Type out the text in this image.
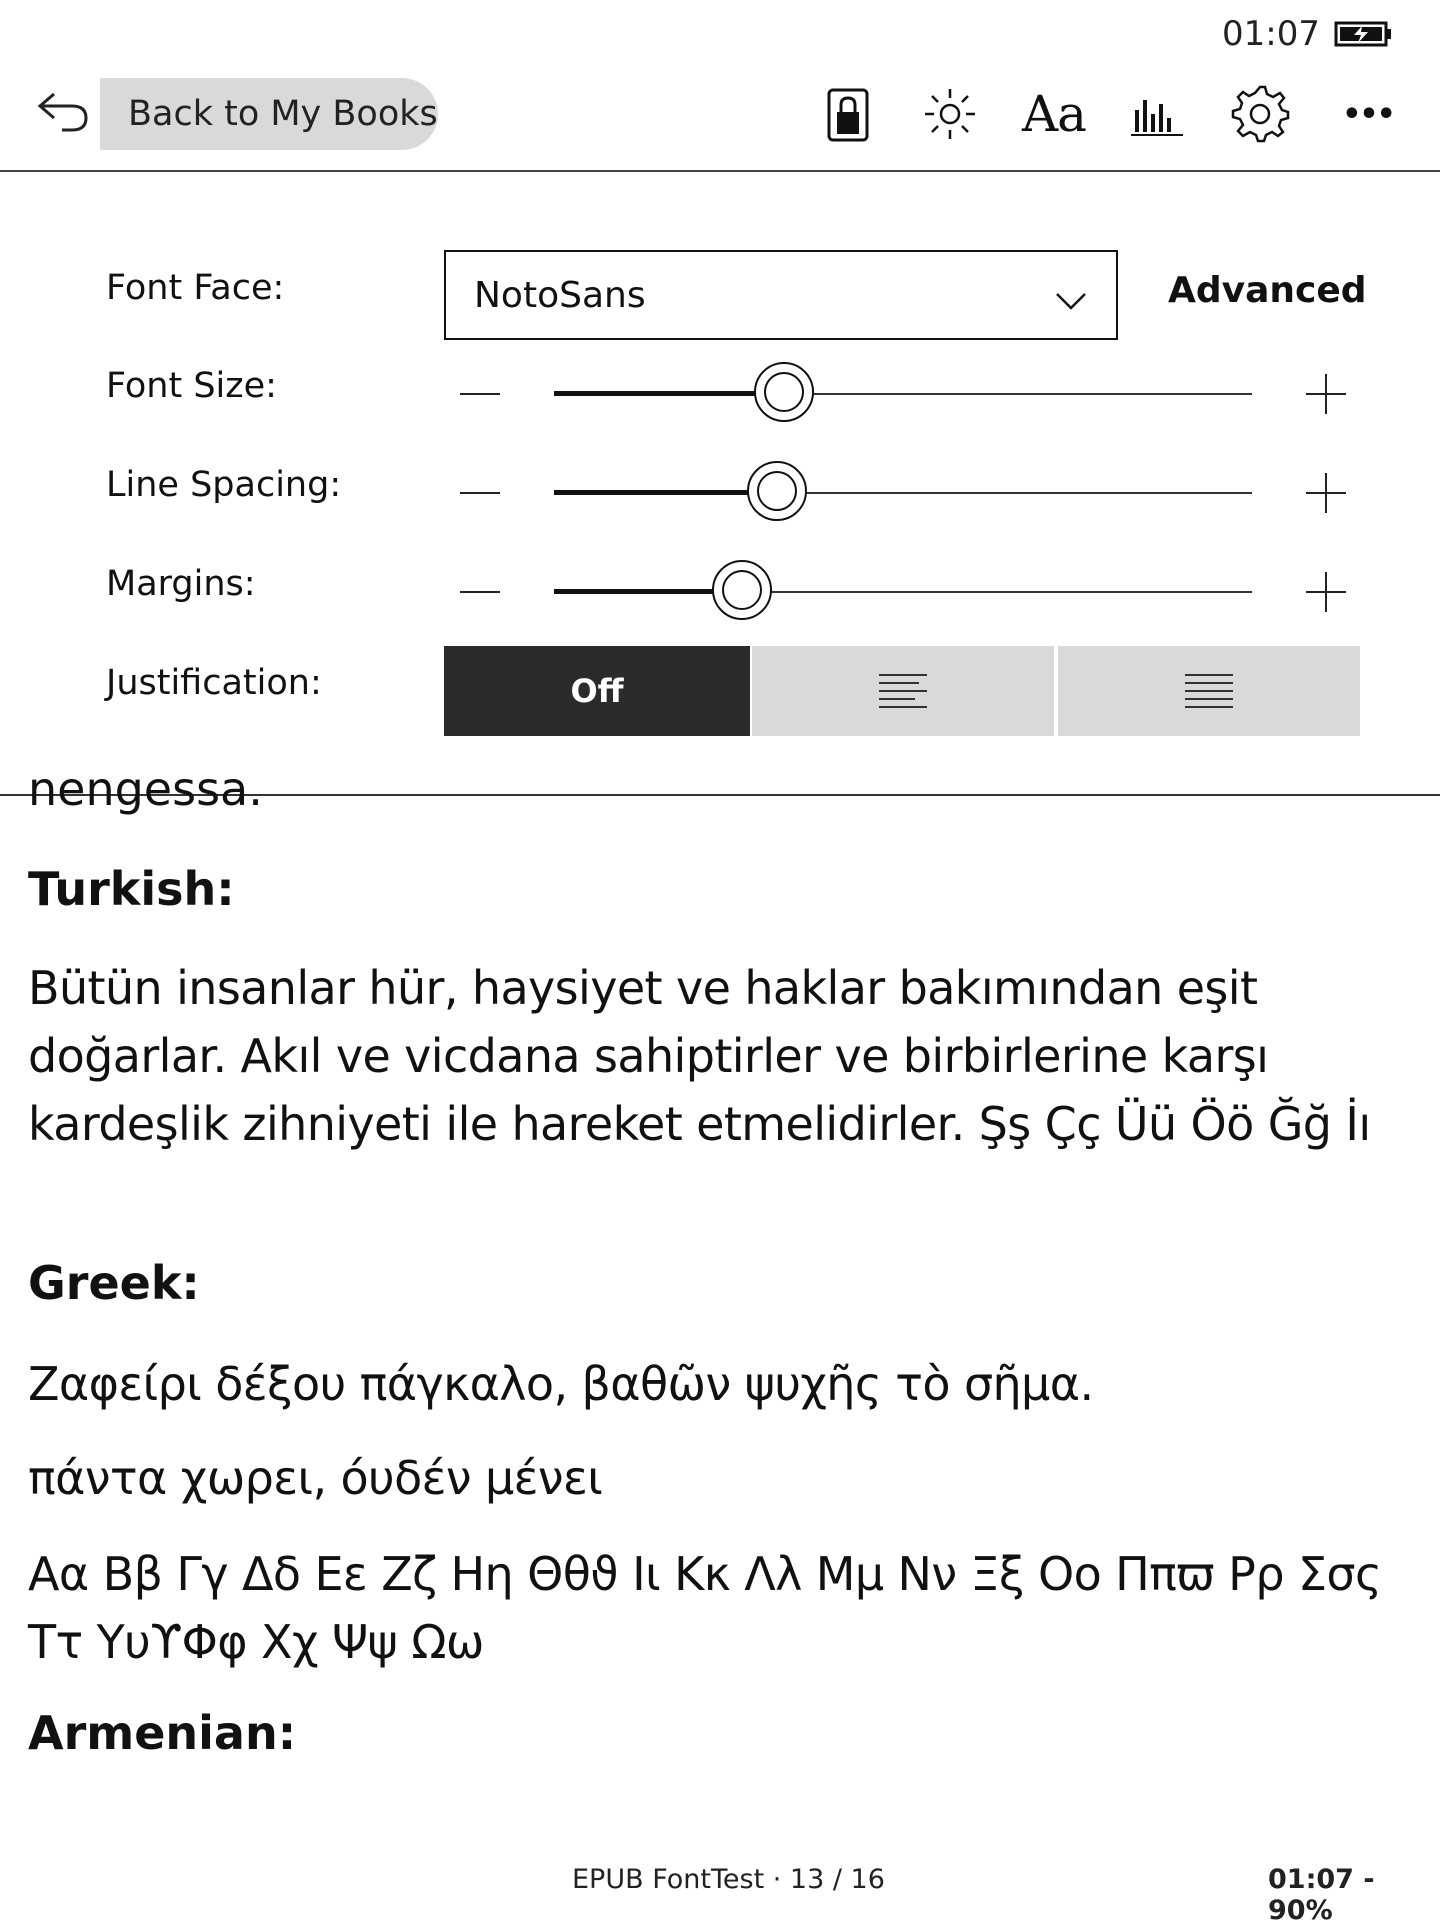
01:07
Back to My Books	Aa	•••
Font Face:	NotoSans	Advanced
Font Size:
Line Spacing:
Margins:
Justification:	Off
nengessa.
Turkish:
Bütün insanlar hür, haysiyet ve haklar bakımından eşit doğarlar. Akıl ve vicdana sahiptirler ve birbirlerine karşı kardeşlik zihniyeti ile hareket etmelidirler. Şş Çç Üü Öö Ğğ İı
Greek:
Ζαφείρι δέξου πάγκαλο, βαθῶν ψυχῆς τὸ σῆμα.
πάντα χωρει, όυδέν μένει
Αα Ββ Γγ Δδ Εε Ζζ Ηη Θθϑ Ιι Κκ Λλ Μμ Νν Ξξ Οο Ππϖ Ρρ Σσς Ττ ΥυϒΦφ Χχ Ψψ Ωω
Armenian:
EPUB FontTest · 13 / 16	01:07 - 90%
